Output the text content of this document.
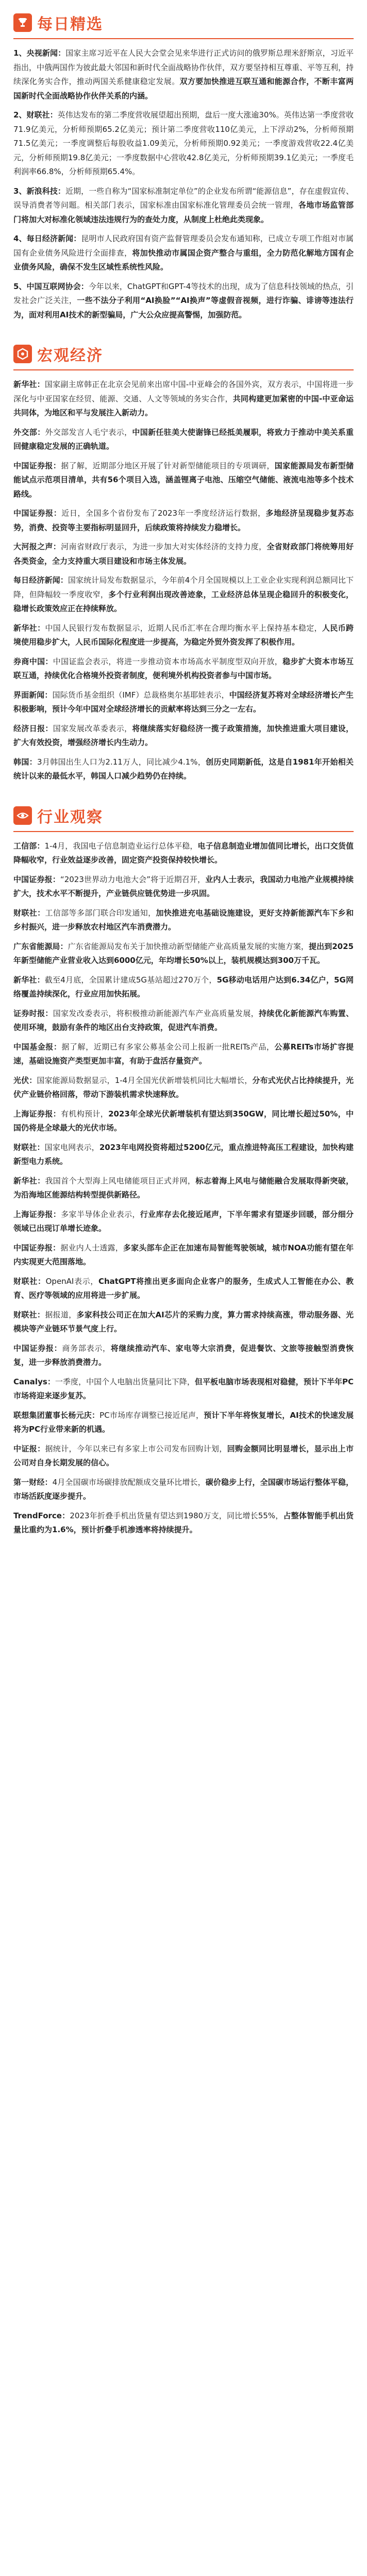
每日精选

1、央视新闻：国家主席习近平在人民大会堂会见来华进行正式访问的俄罗斯总理米舒斯京，习近平指出，中俄两国作为彼此最大邻国和新时代全面战略协作伙伴，双方要坚持相互尊重、平等互利，持续深化务实合作，推动两国关系健康稳定发展。双方要加快推进互联互通和能源合作，不断丰富两国新时代全面战略协作伙伴关系的内涵。

2、财联社：英伟达发布的第二季度营收展望超出预期，盘后一度大涨逾30%。英伟达第一季度营收71.9亿美元，分析师预期65.2亿美元；预计第二季度营收110亿美元，上下浮动2%，分析师预期71.5亿美元；一季度调整后每股收益1.09美元，分析师预期0.92美元；一季度游戏营收22.4亿美元，分析师预期19.8亿美元；一季度数据中心营收42.8亿美元，分析师预期39.1亿美元；一季度毛利润率66.8%，分析师预期65.4%。

3、新浪科技：近期，一些自称为“国家标准制定单位”的企业发布所谓“能源信息”，存在虚假宣传、误导消费者等问题。相关部门表示，国家标准由国家标准化管理委员会统一管理，各地市场监管部门将加大对标准化领域违法违规行为的查处力度，从制度上杜绝此类现象。

4、每日经济新闻：昆明市人民政府国有资产监督管理委员会发布通知称，已成立专项工作组对市属国有企业债务风险进行全面排查，将加快推动市属国企资产整合与重组，全力防范化解地方国有企业债务风险，确保不发生区域性系统性风险。

5、中国互联网协会：今年以来，ChatGPT和GPT-4等技术的出现，成为了信息科技领域的热点，引发社会广泛关注，一些不法分子利用“AI换脸”“AI换声”等虚假音视频，进行诈骗、诽谤等违法行为，面对利用AI技术的新型骗局，广大公众应提高警惕，加强防范。

宏观经济

新华社：国家副主席韩正在北京会见前来出席中国-中亚峰会的各国外宾，双方表示，中国将进一步深化与中亚国家在经贸、能源、交通、人文等领域的务实合作，共同构建更加紧密的中国-中亚命运共同体，为地区和平与发展注入新动力。

外交部：外交部发言人毛宁表示，中国新任驻美大使谢锋已经抵美履职，将致力于推动中美关系重回健康稳定发展的正确轨道。

中国证券报：据了解，近期部分地区开展了针对新型储能项目的专项调研，国家能源局发布新型储能试点示范项目清单，共有56个项目入选，涵盖锂离子电池、压缩空气储能、液流电池等多个技术路线。

中国证券报：近日，全国多个省份发布了2023年一季度经济运行数据，多地经济呈现稳步复苏态势，消费、投资等主要指标明显回升，后续政策将持续发力稳增长。

大河报之声：河南省财政厅表示，为进一步加大对实体经济的支持力度，全省财政部门将统筹用好各类资金，全力支持重大项目建设和市场主体发展。

每日经济新闻：国家统计局发布数据显示，今年前4个月全国规模以上工业企业实现利润总额同比下降，但降幅较一季度收窄，多个行业利润出现改善迹象，工业经济总体呈现企稳回升的积极变化，稳增长政策效应正在持续释放。

新华社：中国人民银行发布数据显示，近期人民币汇率在合理均衡水平上保持基本稳定，人民币跨境使用稳步扩大，人民币国际化程度进一步提高，为稳定外贸外资发挥了积极作用。

券商中国：中国证监会表示，将进一步推动资本市场高水平制度型双向开放，稳步扩大资本市场互联互通，持续优化合格境外投资者制度，便利境外机构投资者参与中国市场。

界面新闻：国际货币基金组织（IMF）总裁格奥尔基耶娃表示，中国经济复苏将对全球经济增长产生积极影响，预计今年中国对全球经济增长的贡献率将达到三分之一左右。

经济日报：国家发展改革委表示，将继续落实好稳经济一揽子政策措施，加快推进重大项目建设，扩大有效投资，增强经济增长内生动力。

韩国：3月韩国出生人口为2.11万人，同比减少4.1%，创历史同期新低，这是自1981年开始相关统计以来的最低水平，韩国人口减少趋势仍在持续。

行业观察

工信部：1-4月，我国电子信息制造业运行总体平稳，电子信息制造业增加值同比增长，出口交货值降幅收窄，行业效益逐步改善，固定资产投资保持较快增长。

中国证券报：“2023世界动力电池大会”将于近期召开，业内人士表示，我国动力电池产业规模持续扩大，技术水平不断提升，产业链供应链优势进一步巩固。

财联社：工信部等多部门联合印发通知，加快推进充电基础设施建设，更好支持新能源汽车下乡和乡村振兴，进一步释放农村地区汽车消费潜力。

广东省能源局：广东省能源局发布关于加快推动新型储能产业高质量发展的实施方案，提出到2025年新型储能产业营业收入达到6000亿元，年均增长50%以上，装机规模达到300万千瓦。

新华社：截至4月底，全国累计建成5G基站超过270万个，5G移动电话用户达到6.34亿户，5G网络覆盖持续深化，行业应用加快拓展。

证券时报：国家发改委表示，将积极推动新能源汽车产业高质量发展，持续优化新能源汽车购置、使用环境，鼓励有条件的地区出台支持政策，促进汽车消费。

中国基金报：据了解，近期已有多家公募基金公司上报新一批REITs产品，公募REITs市场扩容提速，基础设施资产类型更加丰富，有助于盘活存量资产。

光伏：国家能源局数据显示，1-4月全国光伏新增装机同比大幅增长，分布式光伏占比持续提升，光伏产业链价格回落，带动下游装机需求快速释放。

上海证券报：有机构预计，2023年全球光伏新增装机有望达到350GW，同比增长超过50%，中国仍将是全球最大的光伏市场。

财联社：国家电网表示，2023年电网投资将超过5200亿元，重点推进特高压工程建设，加快构建新型电力系统。

新华社：我国首个大型海上风电储能项目正式并网，标志着海上风电与储能融合发展取得新突破，为沿海地区能源结构转型提供新路径。

上海证券报：多家半导体企业表示，行业库存去化接近尾声，下半年需求有望逐步回暖，部分细分领域已出现订单增长迹象。

中国证券报：据业内人士透露，多家头部车企正在加速布局智能驾驶领域，城市NOA功能有望在年内实现更大范围落地。

财联社：OpenAI表示，ChatGPT将推出更多面向企业客户的服务，生成式人工智能在办公、教育、医疗等领域的应用将进一步扩展。

财联社：据报道，多家科技公司正在加大AI芯片的采购力度，算力需求持续高涨，带动服务器、光模块等产业链环节景气度上行。

中国证券报：商务部表示，将继续推动汽车、家电等大宗消费，促进餐饮、文旅等接触型消费恢复，进一步释放消费潜力。

Canalys：一季度，中国个人电脑出货量同比下降，但平板电脑市场表现相对稳健，预计下半年PC市场将迎来逐步复苏。

联想集团董事长杨元庆：PC市场库存调整已接近尾声，预计下半年将恢复增长，AI技术的快速发展将为PC行业带来新的机遇。

中证报：据统计，今年以来已有多家上市公司发布回购计划，回购金额同比明显增长，显示出上市公司对自身长期发展的信心。

第一财经：4月全国碳市场碳排放配额成交量环比增长，碳价稳步上行，全国碳市场运行整体平稳，市场活跃度逐步提升。

TrendForce：2023年折叠手机出货量有望达到1980万支，同比增长55%，占整体智能手机出货量比重约为1.6%，预计折叠手机渗透率将持续提升。
